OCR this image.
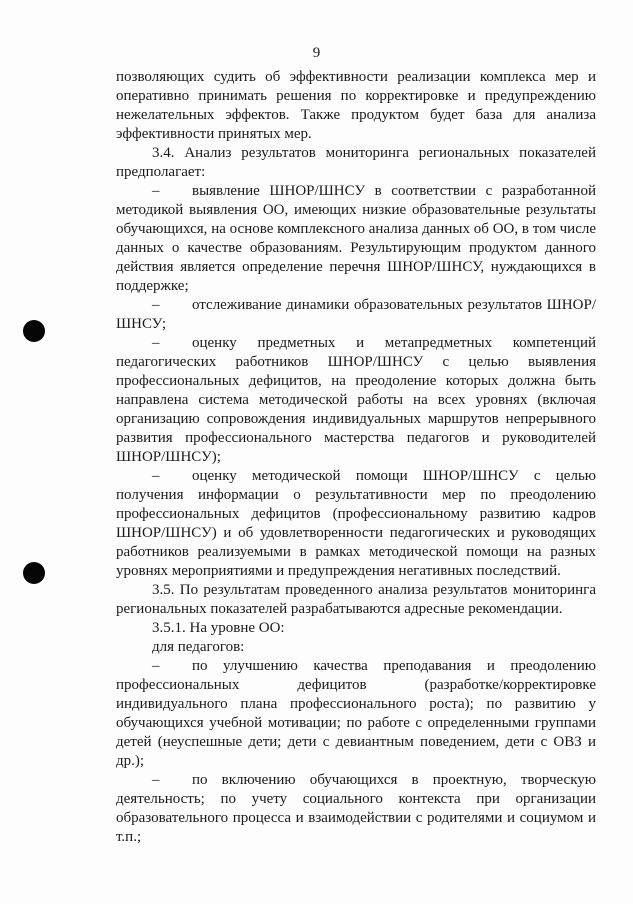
9

позволяющих судить об эффективности реализации комплекса мер и оперативно принимать решения по корректировке и предупреждению нежелательных эффектов. Также продуктом будет база для анализа эффективности принятых мер.

3.4. Анализ результатов мониторинга региональных показателей предполагает:

– выявление ШНОР/ШНСУ в соответствии с разработанной методикой выявления ОО, имеющих низкие образовательные результаты обучающихся, на основе комплексного анализа данных об ОО, в том числе данных о качестве образованиям. Результирующим продуктом данного действия является определение перечня ШНОР/ШНСУ, нуждающихся в поддержке;

– отслеживание динамики образовательных результатов ШНОР/ШНСУ;

– оценку предметных и метапредметных компетенций педагогических работников ШНОР/ШНСУ с целью выявления профессиональных дефицитов, на преодоление которых должна быть направлена система методической работы на всех уровнях (включая организацию сопровождения индивидуальных маршрутов непрерывного развития профессионального мастерства педагогов и руководителей ШНОР/ШНСУ);

– оценку методической помощи ШНОР/ШНСУ с целью получения информации о результативности мер по преодолению профессиональных дефицитов (профессиональному развитию кадров ШНОР/ШНСУ) и об удовлетворенности педагогических и руководящих работников реализуемыми в рамках методической помощи на разных уровнях мероприятиями и предупреждения негативных последствий.

3.5. По результатам проведенного анализа результатов мониторинга региональных показателей разрабатываются адресные рекомендации.

3.5.1. На уровне ОО:

для педагогов:

– по улучшению качества преподавания и преодолению профессиональных дефицитов (разработке/корректировке индивидуального плана профессионального роста); по развитию у обучающихся учебной мотивации; по работе с определенными группами детей (неуспешные дети; дети с девиантным поведением, дети с ОВЗ и др.);

– по включению обучающихся в проектную, творческую деятельность; по учету социального контекста при организации образовательного процесса и взаимодействии с родителями и социумом и т.п.;
